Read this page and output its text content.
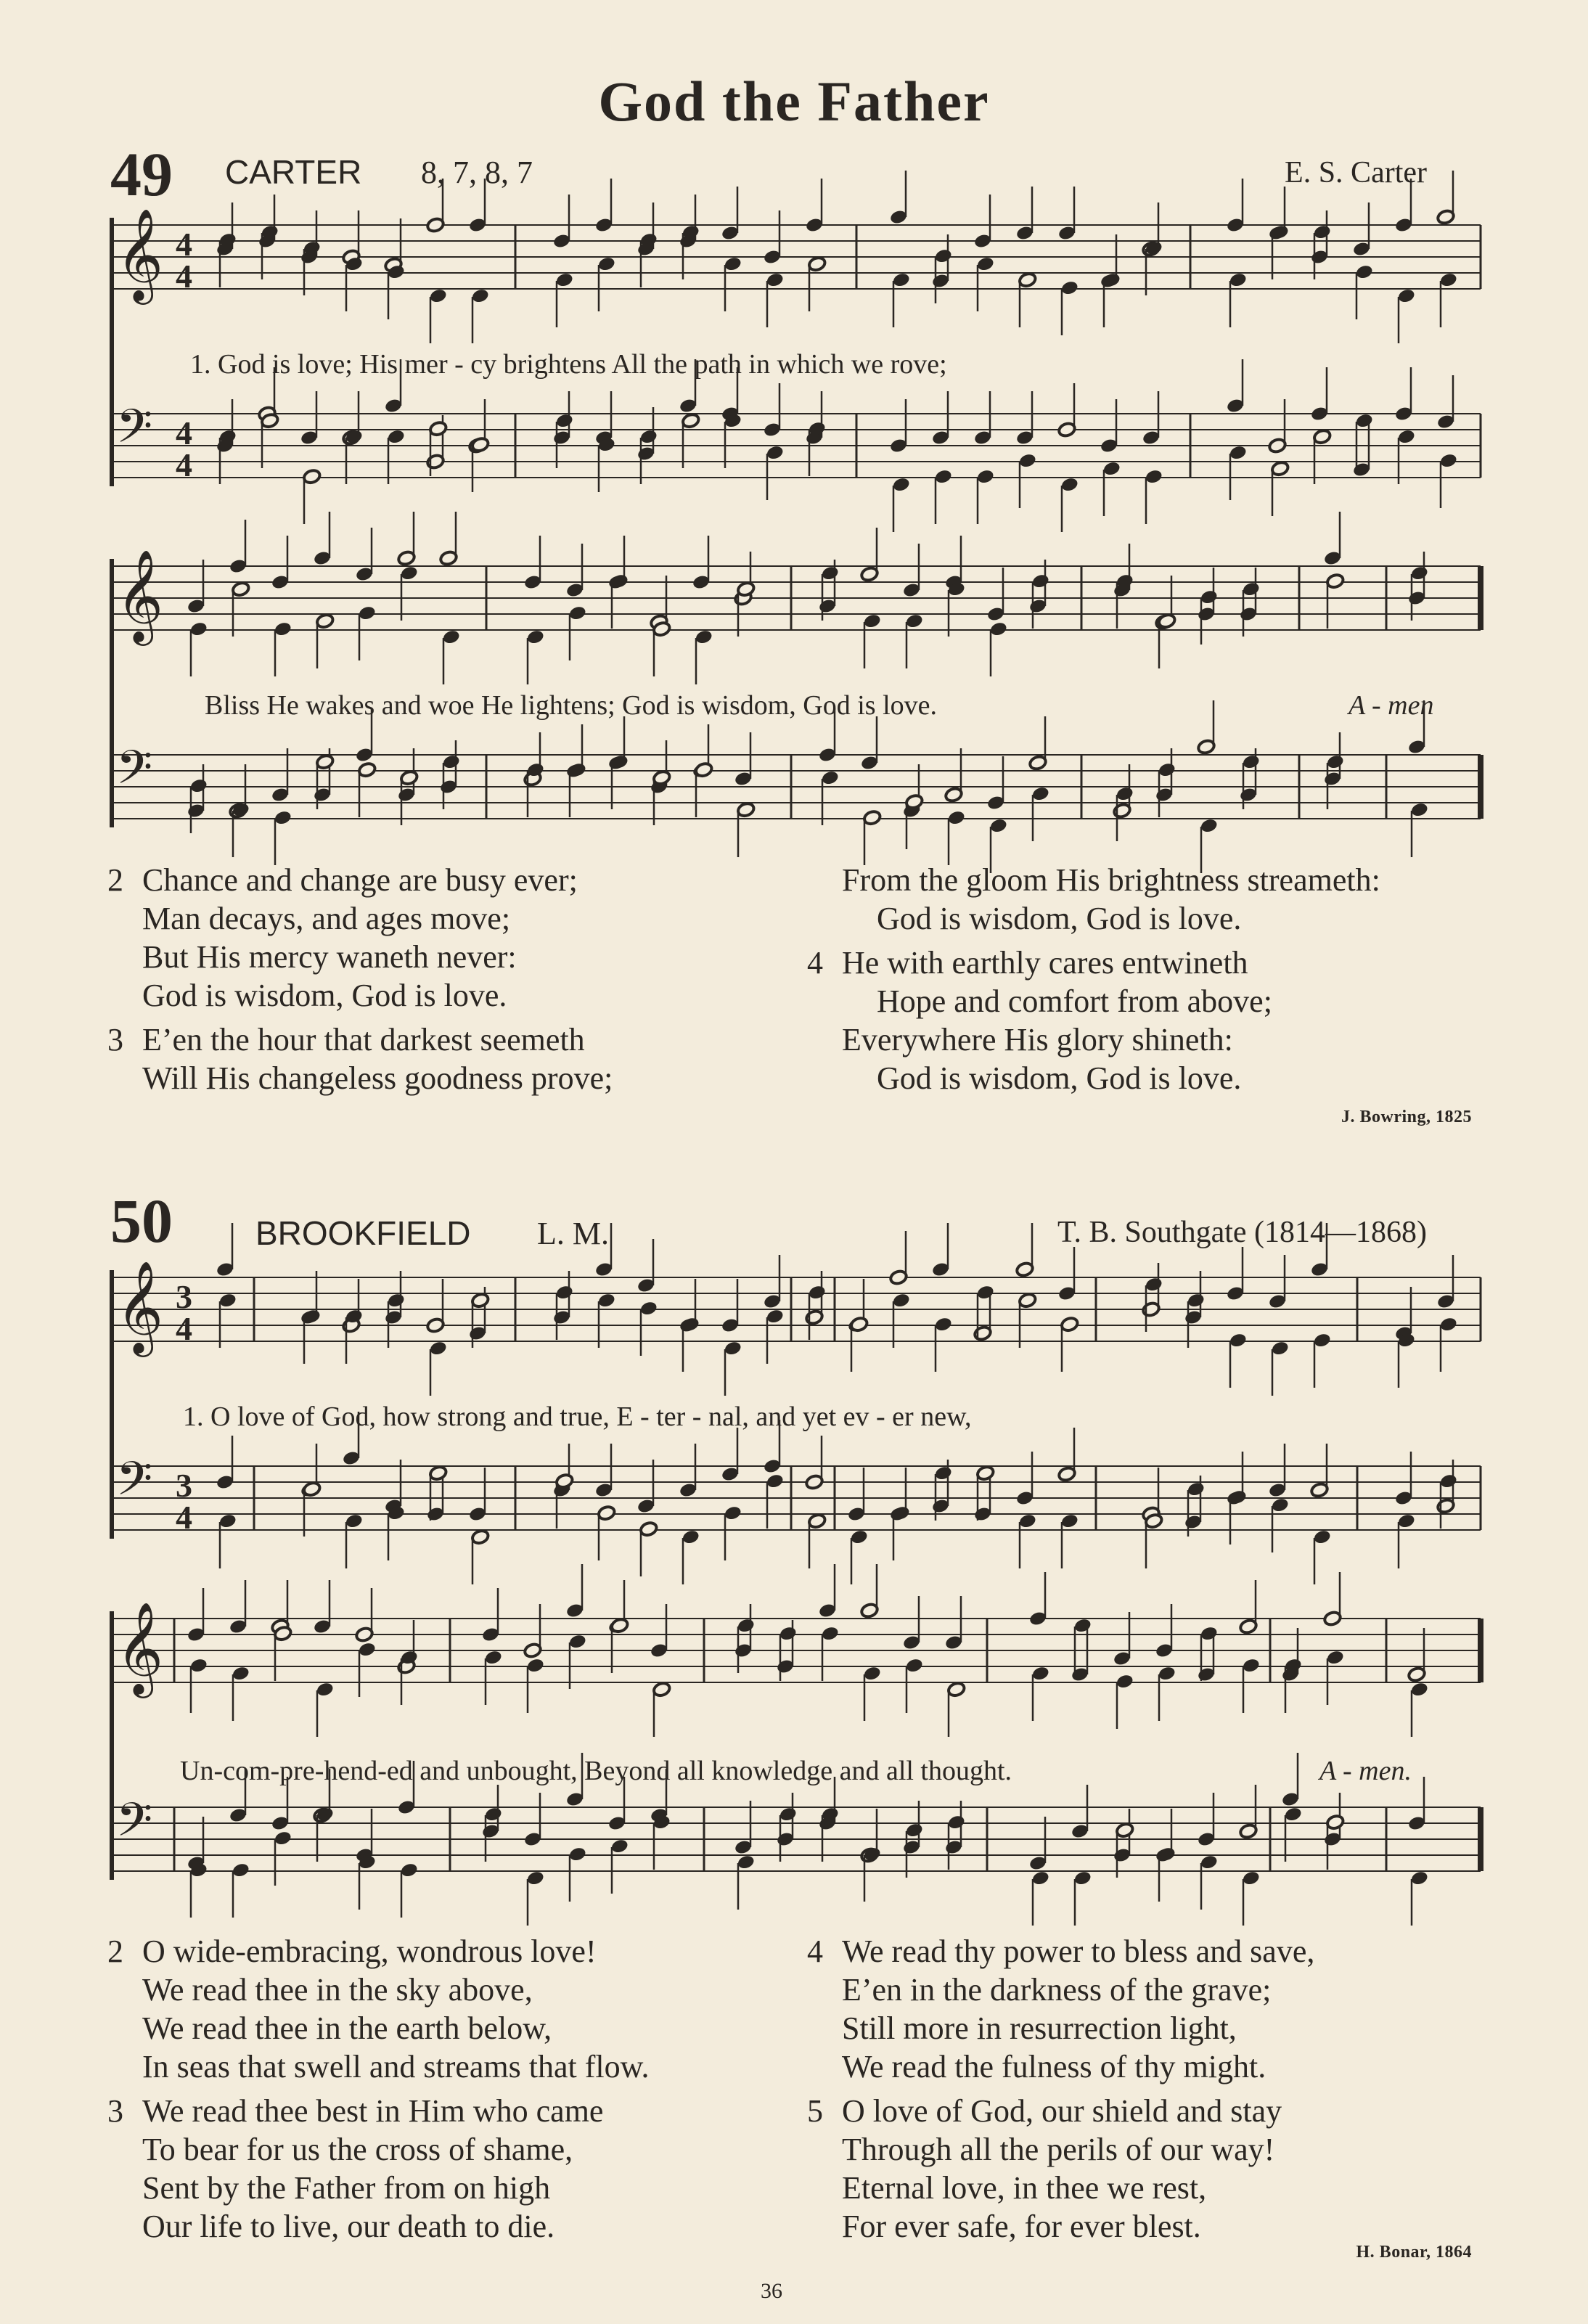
God the Father
49 CARTER 8, 7, 8, 7	E. S. Carter
𝄞 4
4
𝄢 4
4
1. God is love; His mer - cy brightens All the path in which we rove;
𝄞
𝄢
Bliss He wakes and woe He lightens; God is wisdom, God is love.	A - men
2 Chance and change are busy ever;
Man decays, and ages move;
But His mercy waneth never:
God is wisdom, God is love.
3 E’en the hour that darkest seemeth
Will His changeless goodness prove;
From the gloom His brightness streameth:
God is wisdom, God is love.
4 He with earthly cares entwineth
Hope and comfort from above;
Everywhere His glory shineth:
God is wisdom, God is love.
J. Bowring, 1825
50 BROOKFIELD L. M.	T. B. Southgate (1814—1868)
𝄞 3
4
𝄢 3
4
1. O love of God, how strong and true, E - ter - nal, and yet ev - er new,
𝄞
𝄢
Un-com-pre-hend-ed and unbought, Beyond all knowledge and all thought.	A - men.
2 O wide-embracing, wondrous love!
We read thee in the sky above,
We read thee in the earth below,
In seas that swell and streams that flow.
3 We read thee best in Him who came
To bear for us the cross of shame,
Sent by the Father from on high
Our life to live, our death to die.
4 We read thy power to bless and save,
E’en in the darkness of the grave;
Still more in resurrection light,
We read the fulness of thy might.
5 O love of God, our shield and stay
Through all the perils of our way!
Eternal love, in thee we rest,
For ever safe, for ever blest.
H. Bonar, 1864
36
